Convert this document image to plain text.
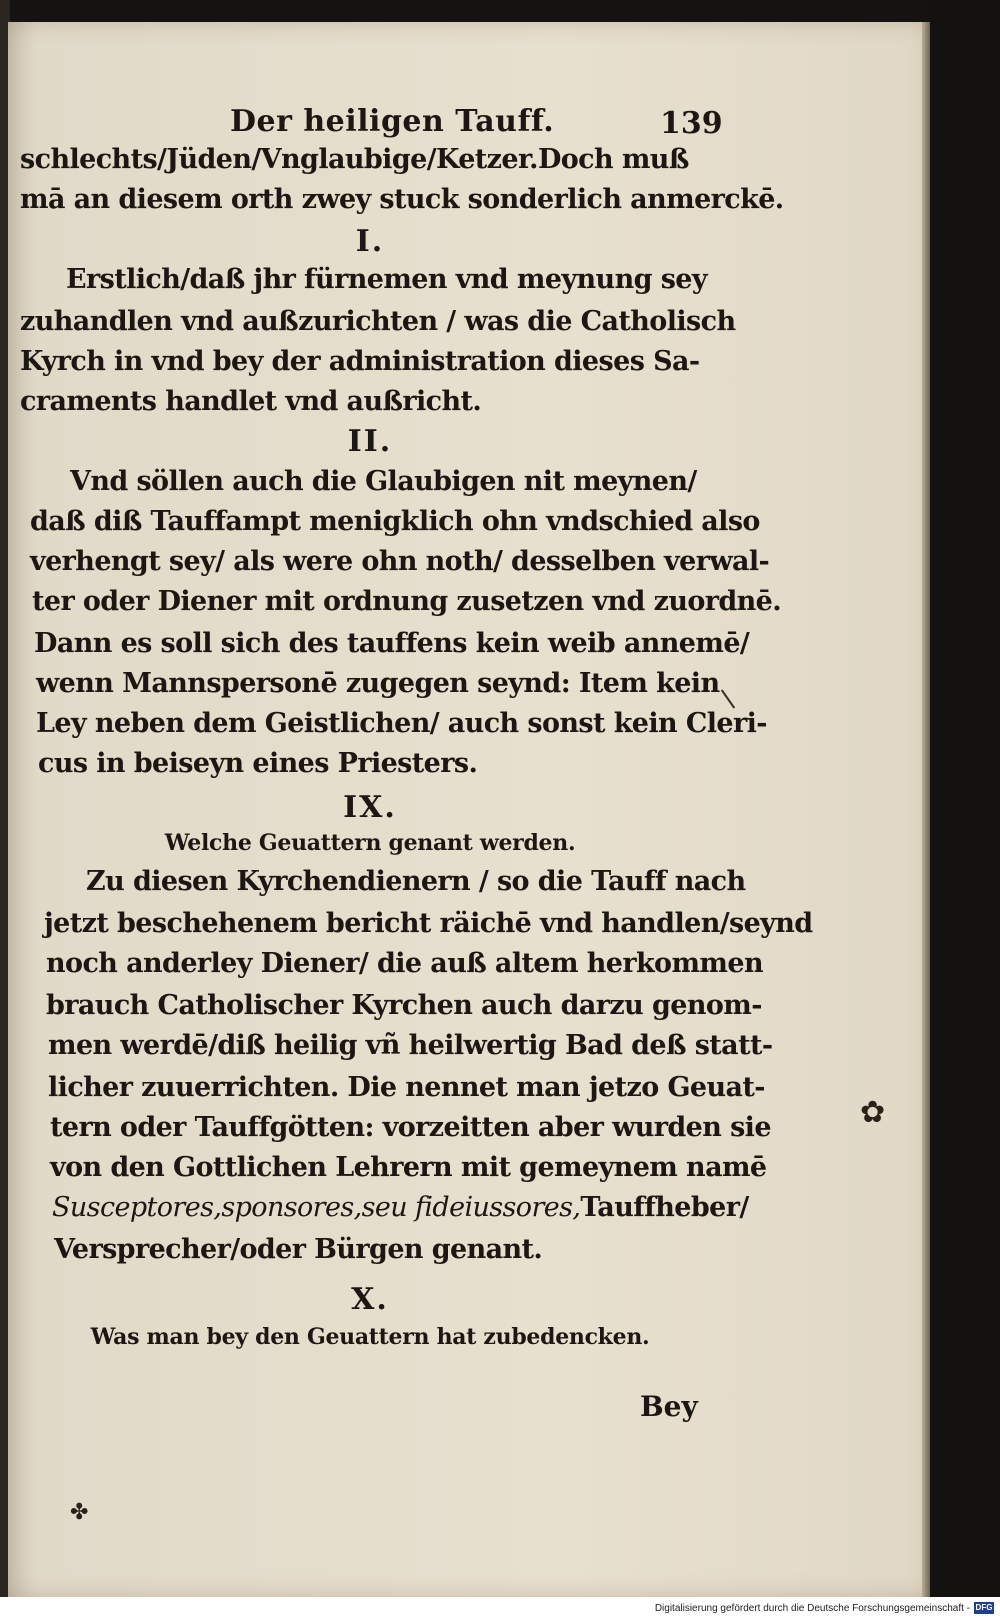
Der heiligen Tauff.	139
schlechts/Jüden/Vnglaubige/Ketzer.Doch muß
mā an diesem orth zwey stuck sonderlich anmerckē.
I.
Erstlich/daß jhr fürnemen vnd meynung sey
zuhandlen vnd außzurichten / was die Catholisch
Kyrch in vnd bey der administration dieses Sa-
craments handlet vnd außricht.
II.
Vnd söllen auch die Glaubigen nit meynen/
daß diß Tauffampt menigklich ohn vndschied also
verhengt sey/ als were ohn noth/ desselben verwal-
ter oder Diener mit ordnung zusetzen vnd zuordnē.
Dann es soll sich des tauffens kein weib annemē/
wenn Mannspersonē zugegen seynd: Item kein
Ley neben dem Geistlichen/ auch sonst kein Cleri-
cus in beiseyn eines Priesters.
IX.
Welche Geuattern genant werden.
Zu diesen Kyrchendienern / so die Tauff nach
jetzt beschehenem bericht räichē vnd handlen/seynd
noch anderley Diener/ die auß altem herkommen
brauch Catholischer Kyrchen auch darzu genom-
men werdē/diß heilig vñ heilwertig Bad deß statt-
licher zuuerrichten. Die nennet man jetzo Geuat-
tern oder Tauffgötten: vorzeitten aber wurden sie
von den Gottlichen Lehrern mit gemeynem namē
Susceptores,sponsores,seu fideiussores,Tauffheber/
Versprecher/oder Bürgen genant.
X.
Was man bey den Geuattern hat zubedencken.
Bey
✿
✤
Digitalisierung gefördert durch die Deutsche Forschungsgemeinschaft - DFG
